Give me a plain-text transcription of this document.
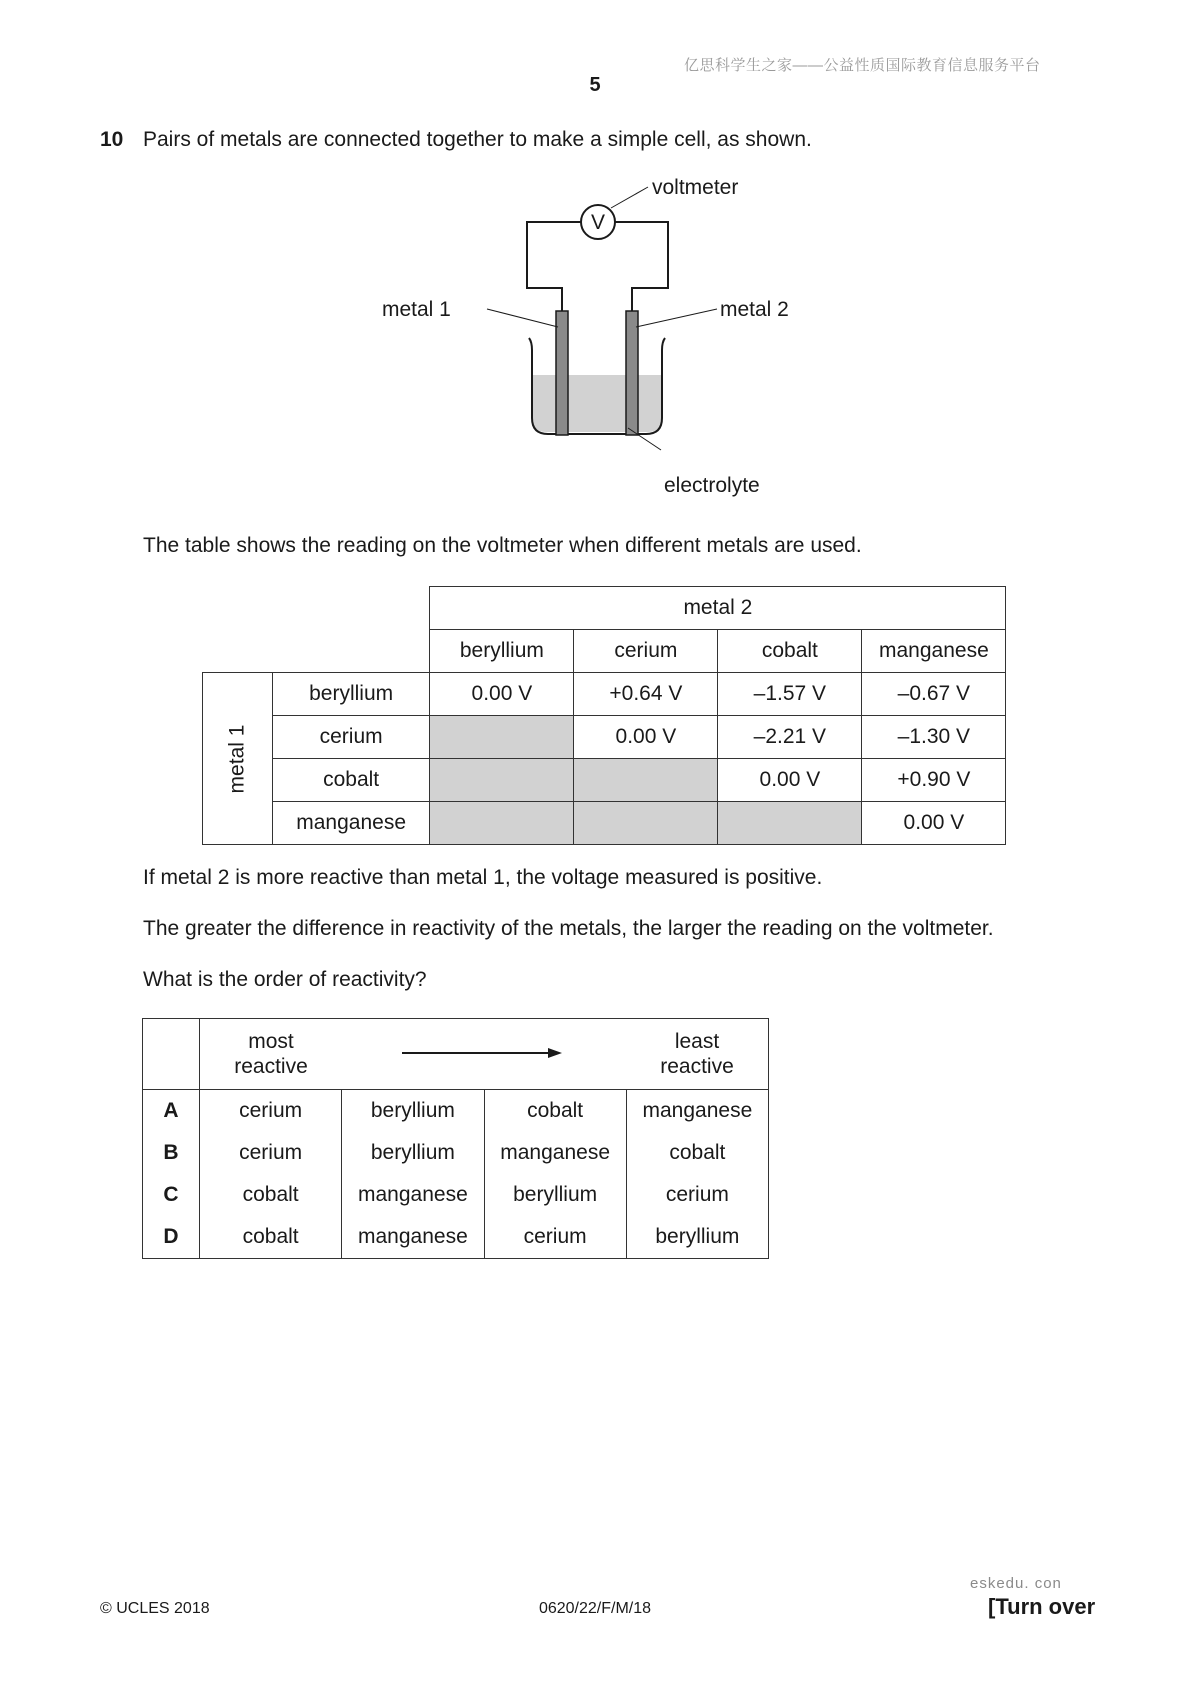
亿思科学生之家——公益性质国际教育信息服务平台
5
10 Pairs of metals are connected together to make a simple cell, as shown.
V
voltmeter
metal 1	metal 2
electrolyte
The table shows the reading on the voltmeter when different metals are used.
		metal 2			
		beryllium	cerium	cobalt	manganese
metal 1	beryllium	0.00 V	+0.64 V	–1.57 V	–0.67 V
	cerium		0.00 V	–2.21 V	–1.30 V
	cobalt			0.00 V	+0.90 V
	manganese				0.00 V
If metal 2 is more reactive than metal 1, the voltage measured is positive.
The greater the difference in reactivity of the metals, the larger the reading on the voltmeter.
What is the order of reactivity?

	most
reactive
least
reactive			

A	cerium	beryllium	cobalt	manganese
B	cerium	beryllium	manganese	cobalt
C	cobalt	manganese	beryllium	cerium
D	cobalt	manganese	cerium	beryllium
© UCLES 2018	0620/22/F/M/18
eskedu. con
[Turn over
